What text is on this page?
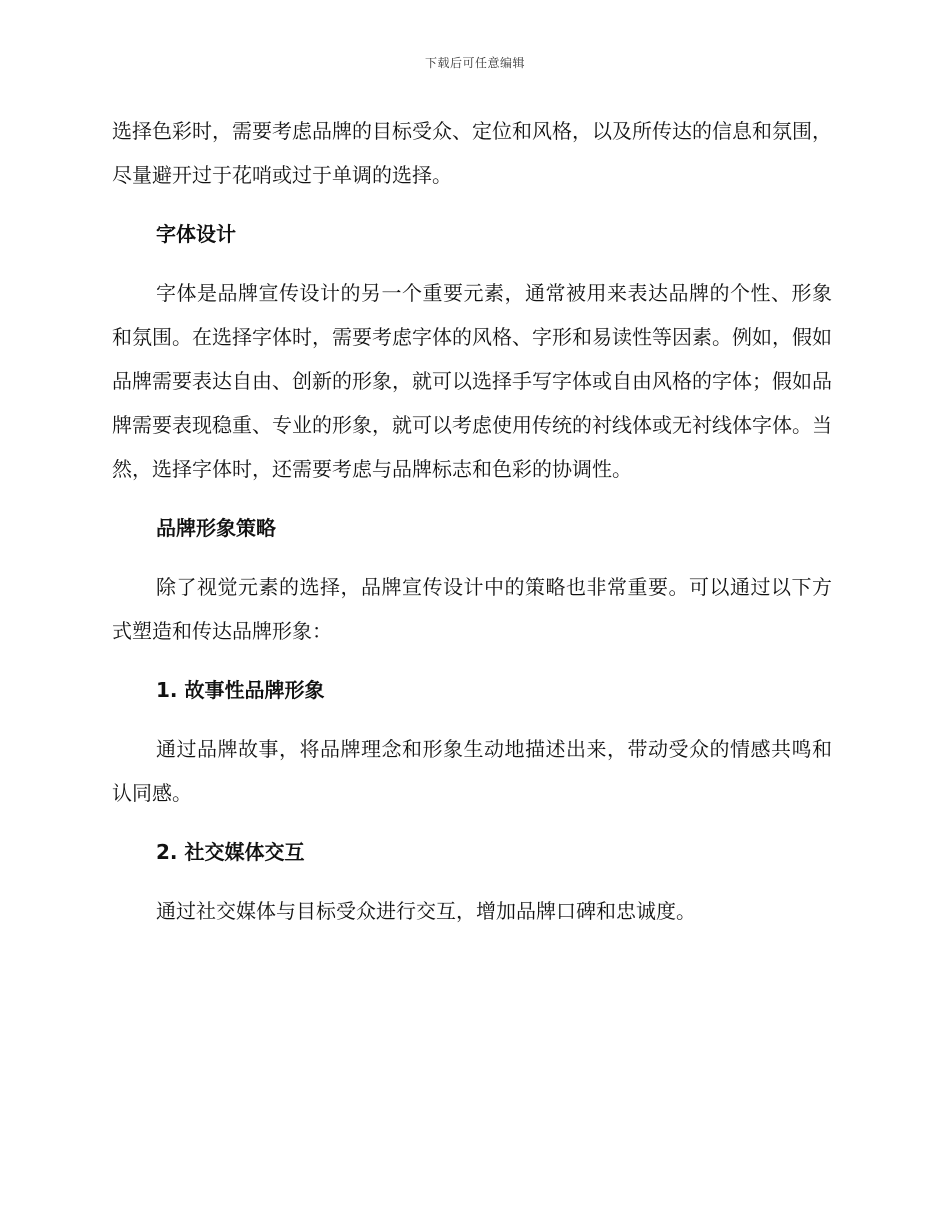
下载后可任意编辑

选择色彩时，需要考虑品牌的目标受众、定位和风格，以及所传达的信息和氛围，尽量避开过于花哨或过于单调的选择。

字体设计

字体是品牌宣传设计的另一个重要元素，通常被用来表达品牌的个性、形象和氛围。在选择字体时，需要考虑字体的风格、字形和易读性等因素。例如，假如品牌需要表达自由、创新的形象，就可以选择手写字体或自由风格的字体；假如品牌需要表现稳重、专业的形象，就可以考虑使用传统的衬线体或无衬线体字体。当然，选择字体时，还需要考虑与品牌标志和色彩的协调性。

品牌形象策略

除了视觉元素的选择，品牌宣传设计中的策略也非常重要。可以通过以下方式塑造和传达品牌形象：

1. 故事性品牌形象

通过品牌故事，将品牌理念和形象生动地描述出来，带动受众的情感共鸣和认同感。

2. 社交媒体交互

通过社交媒体与目标受众进行交互，增加品牌口碑和忠诚度。
